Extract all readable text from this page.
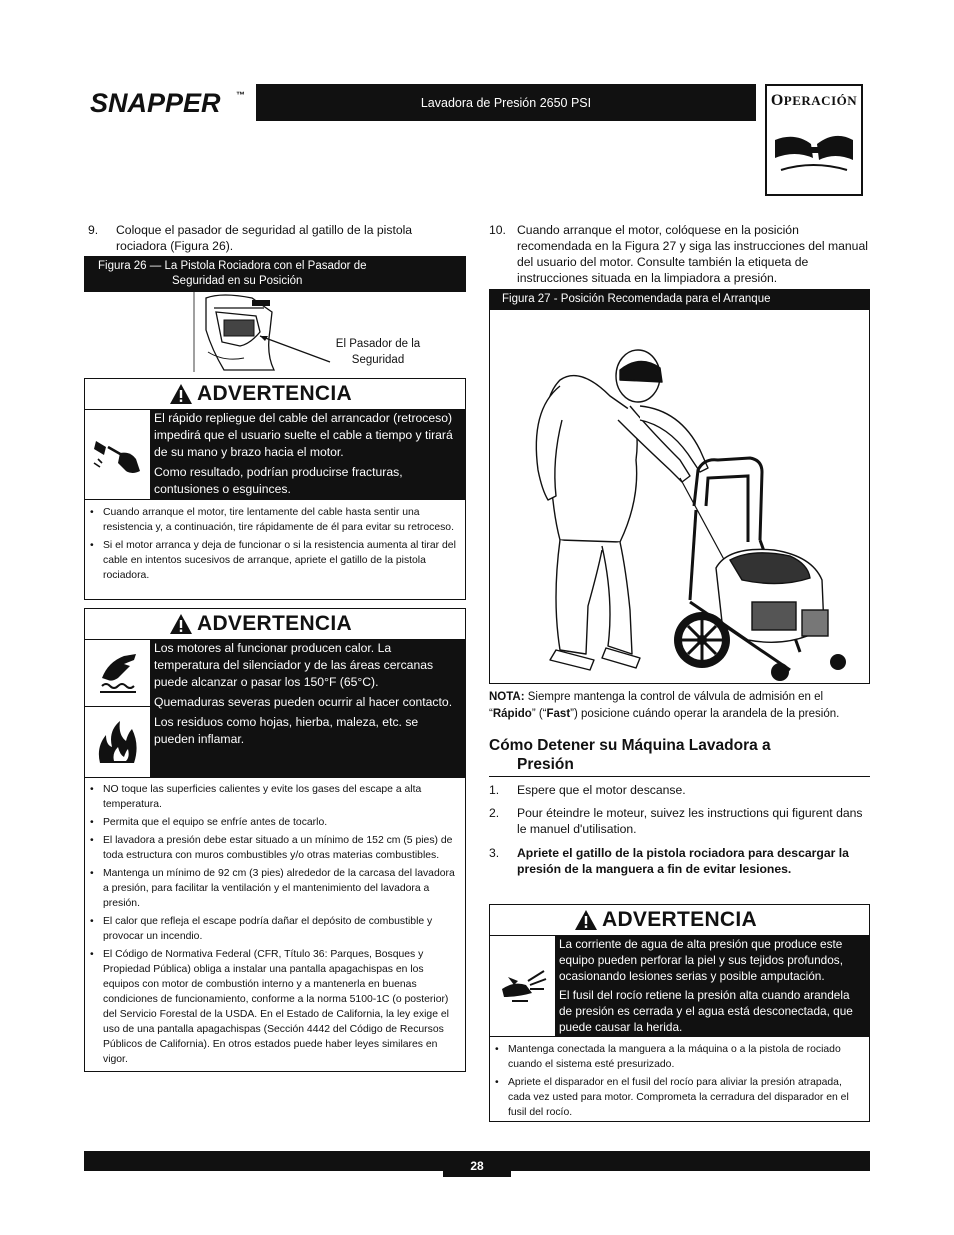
SNAPPER ™
Lavadora de Presión 2650 PSI	OPERACIÓN
9. Coloque el pasador de seguridad al gatillo de la pistola rociadora (Figura 26).
Figura 26 — La Pistola Rociadora con el Pasador de
Seguridad en su Posición
El Pasador de la
Seguridad
ADVERTENCIA

El rápido repliegue del cable del arrancador (retroceso) impedirá que el usuario suelte el cable a tiempo y tirará de su mano y brazo hacia el motor.

Como resultado, podrían producirse fracturas, contusiones o esguinces.

• Cuando arranque el motor, tire lentamente del cable hasta sentir una resistencia y, a continuación, tire rápidamente de él para evitar su retroceso.
• Si el motor arranca y deja de funcionar o si la resistencia aumenta al tirar del cable en intentos sucesivos de arranque, apriete el gatillo de la pistola rociadora.
ADVERTENCIA

Los motores al funcionar producen calor. La temperatura del silenciador y de las áreas cercanas puede alcanzar o pasar los 150°F (65°C).

Quemaduras severas pueden ocurrir al hacer contacto.

Los residuos como hojas, hierba, maleza, etc. se pueden inflamar.

• NO toque las superficies calientes y evite los gases del escape a alta temperatura.
• Permita que el equipo se enfríe antes de tocarlo.
• El lavadora a presión debe estar situado a un mínimo de 152 cm (5 pies) de toda estructura con muros combustibles y/o otras materias combustibles.
• Mantenga un mínimo de 92 cm (3 pies) alrededor de la carcasa del lavadora a presión, para facilitar la ventilación y el mantenimiento del lavadora a presión.
• El calor que refleja el escape podría dañar el depósito de combustible y provocar un incendio.
• El Código de Normativa Federal (CFR, Título 36: Parques, Bosques y Propiedad Pública) obliga a instalar una pantalla apagachispas en los equipos con motor de combustión interno y a mantenerla en buenas condiciones de funcionamiento, conforme a la norma 5100-1C (o posterior) del Servicio Forestal de la USDA. En el Estado de California, la ley exige el uso de una pantalla apagachispas (Sección 4442 del Código de Recursos Públicos de California). En otros estados puede haber leyes similares en vigor.
10. Cuando arranque el motor, colóquese en la posición recomendada en la Figura 27 y siga las instrucciones del manual del usuario del motor. Consulte también la etiqueta de instrucciones situada en la limpiadora a presión.
Figura 27 - Posición Recomendada para el Arranque
NOTA: Siempre mantenga la control de válvula de admisión en el “Rápido” (“Fast”) posicione cuándo operar la arandela de la presión.
Cómo Detener su Máquina Lavadora a
Presión
1. Espere que el motor descanse.
2. Pour éteindre le moteur, suivez les instructions qui figurent dans le manuel d'utilisation.
3. Apriete el gatillo de la pistola rociadora para descargar la presión de la manguera a fin de evitar lesiones.
ADVERTENCIA

La corriente de agua de alta presión que produce este equipo pueden perforar la piel y sus tejidos profundos, ocasionando lesiones serias y posible amputación.

El fusil del rocío retiene la presión alta cuando arandela de presión es cerrada y el agua está desconectada, que puede causar la herida.

• Mantenga conectada la manguera a la máquina o a la pistola de rociado cuando el sistema esté presurizado.
• Apriete el disparador en el fusil del rocío para aliviar la presión atrapada, cada vez usted para motor. Comprometa la cerradura del disparador en el fusil del rocío.
28
